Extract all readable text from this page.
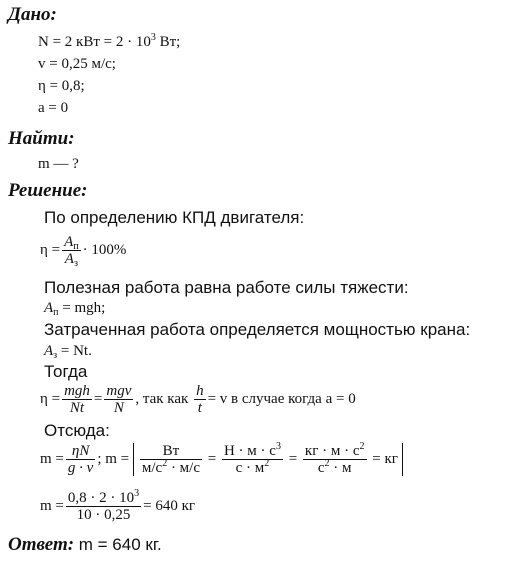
Дано:
N = 2 кВт = $2 \cdot 10^3$ Вт;
v = 0,25 м/с;
η = 0,8;
a = 0
Найти:
m — ?
Решение:
По определению КПД двигателя:
$\eta = \frac{A_п}{A_з} \cdot 100\%$
Полезная работа равна работе силы тяжести:
$A_п$ = mgh;
Затраченная работа определяется мощностью крана:
$A_з = Nt$.
Тогда
$\eta = \frac{\text{mgh}}{Nt} = \frac{\text{mgv}}{N}$ , так как
$\frac{h}{t} = v$ в случае когда a = 0
Отсюда:
$m = \frac{\eta N}{g \cdot v}$ ; m =
$\frac{Вт}{м/с^2 \cdot м/с} = \frac{Н \cdot м \cdot с^3}{с \cdot м^2} = \frac{кг \cdot м \cdot с^2}{с^2 \cdot м}$ = кг
$m = \frac{0,8 \cdot 2 \cdot 10^3}{10 \cdot 0,25} = 640$ кг
Ответ: m = 640 кг.
